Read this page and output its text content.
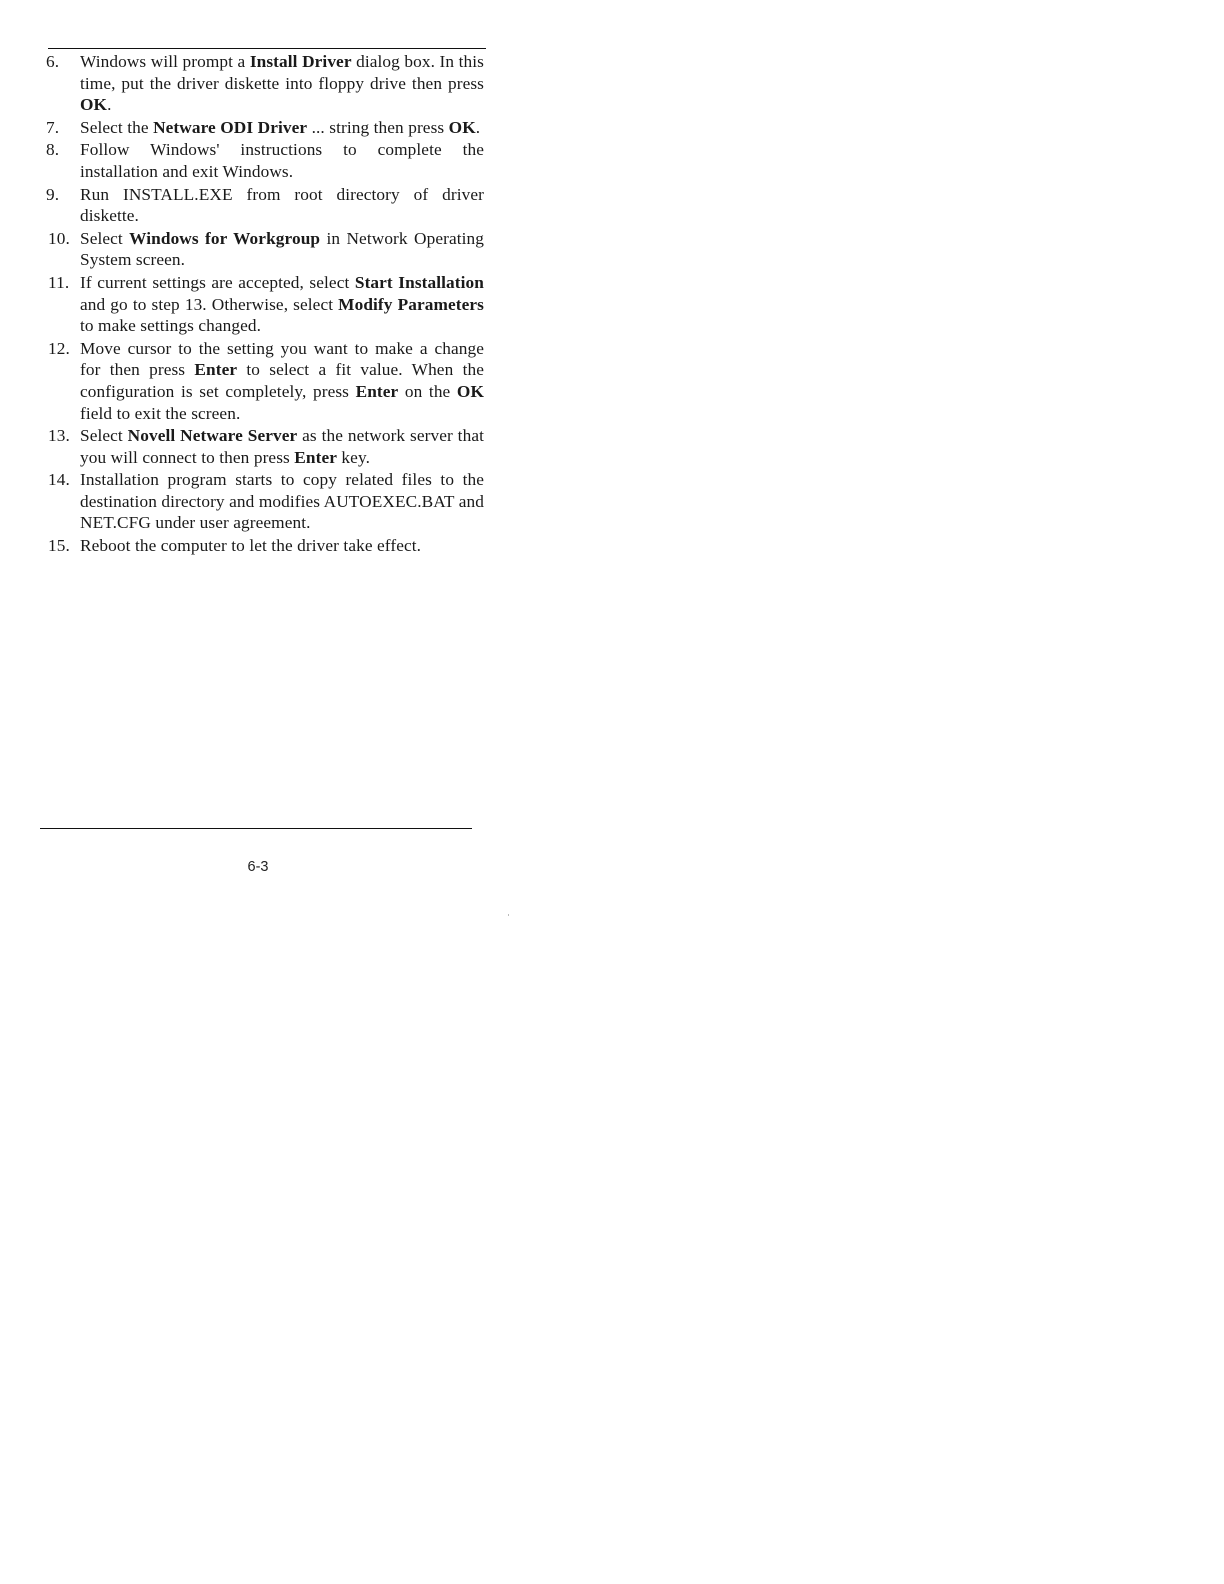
6.	Windows will prompt a Install Driver dialog box. In this time, put the driver diskette into floppy drive then press OK.
7.	Select the Netware ODI Driver ... string then press OK.
8.	Follow Windows' instructions to complete the installation and exit Windows.
9.	Run INSTALL.EXE from root directory of driver diskette.
10. Select Windows for Workgroup in Network Operating System screen.
11. If current settings are accepted, select Start Installation and go to step 13. Otherwise, select Modify Parameters to make settings changed.
12. Move cursor to the setting you want to make a change for then press Enter to select a fit value. When the configuration is set completely, press Enter on the OK field to exit the screen.
13. Select Novell Netware Server as the network server that you will connect to then press Enter key.
14. Installation program starts to copy related files to the destination directory and modifies AUTOEXEC.BAT and NET.CFG under user agreement.
15. Reboot the computer to let the driver take effect.
6-3
